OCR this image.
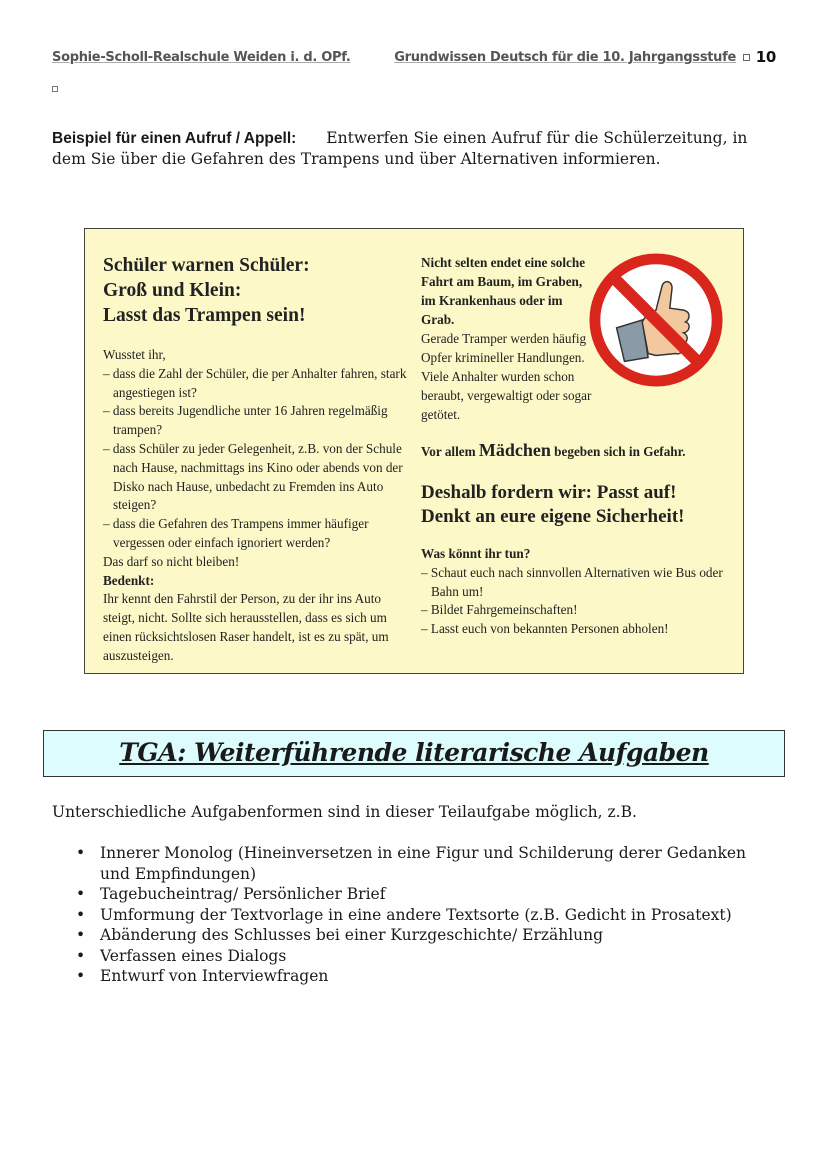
Sophie-Scholl-Realschule Weiden i. d. OPf.	Grundwissen Deutsch für die 10. Jahrgangsstufe	10
Beispiel für einen Aufruf / Appell: Entwerfen Sie einen Aufruf für die Schülerzeitung, in dem Sie über die Gefahren des Trampens und über Alternativen informieren.
Schüler warnen Schüler:
Groß und Klein:
Lasst das Trampen sein!
Wusstet ihr,
– dass die Zahl der Schüler, die per Anhalter fahren, stark angestiegen ist?
– dass bereits Jugendliche unter 16 Jahren regelmäßig trampen?
– dass Schüler zu jeder Gelegenheit, z.B. von der Schule nach Hause, nachmittags ins Kino oder abends von der Disko nach Hause, unbedacht zu Fremden ins Auto steigen?
– dass die Gefahren des Trampens immer häufiger vergessen oder einfach ignoriert werden?
Das darf so nicht bleiben!
Bedenkt:
Ihr kennt den Fahrstil der Person, zu der ihr ins Auto steigt, nicht. Sollte sich herausstellen, dass es sich um einen rücksichtslosen Raser handelt, ist es zu spät, um auszusteigen.
Nicht selten endet eine solche Fahrt am Baum, im Graben, im Krankenhaus oder im Grab.
Gerade Tramper werden häufig Opfer krimineller Handlungen. Viele Anhalter wurden schon beraubt, vergewaltigt oder sogar getötet.
Vor allem Mädchen begeben sich in Gefahr.
Deshalb fordern wir: Passt auf!
Denkt an eure eigene Sicherheit!
Was könnt ihr tun?
– Schaut euch nach sinnvollen Alternativen wie Bus oder Bahn um!
– Bildet Fahrgemeinschaften!
– Lasst euch von bekannten Personen abholen!
TGA: Weiterführende literarische Aufgaben
Unterschiedliche Aufgabenformen sind in dieser Teilaufgabe möglich, z.B.
• Innerer Monolog (Hineinversetzen in eine Figur und Schilderung derer Gedanken und Empfindungen)
• Tagebucheintrag/ Persönlicher Brief
• Umformung der Textvorlage in eine andere Textsorte (z.B. Gedicht in Prosatext)
• Abänderung des Schlusses bei einer Kurzgeschichte/ Erzählung
• Verfassen eines Dialogs
• Entwurf von Interviewfragen
